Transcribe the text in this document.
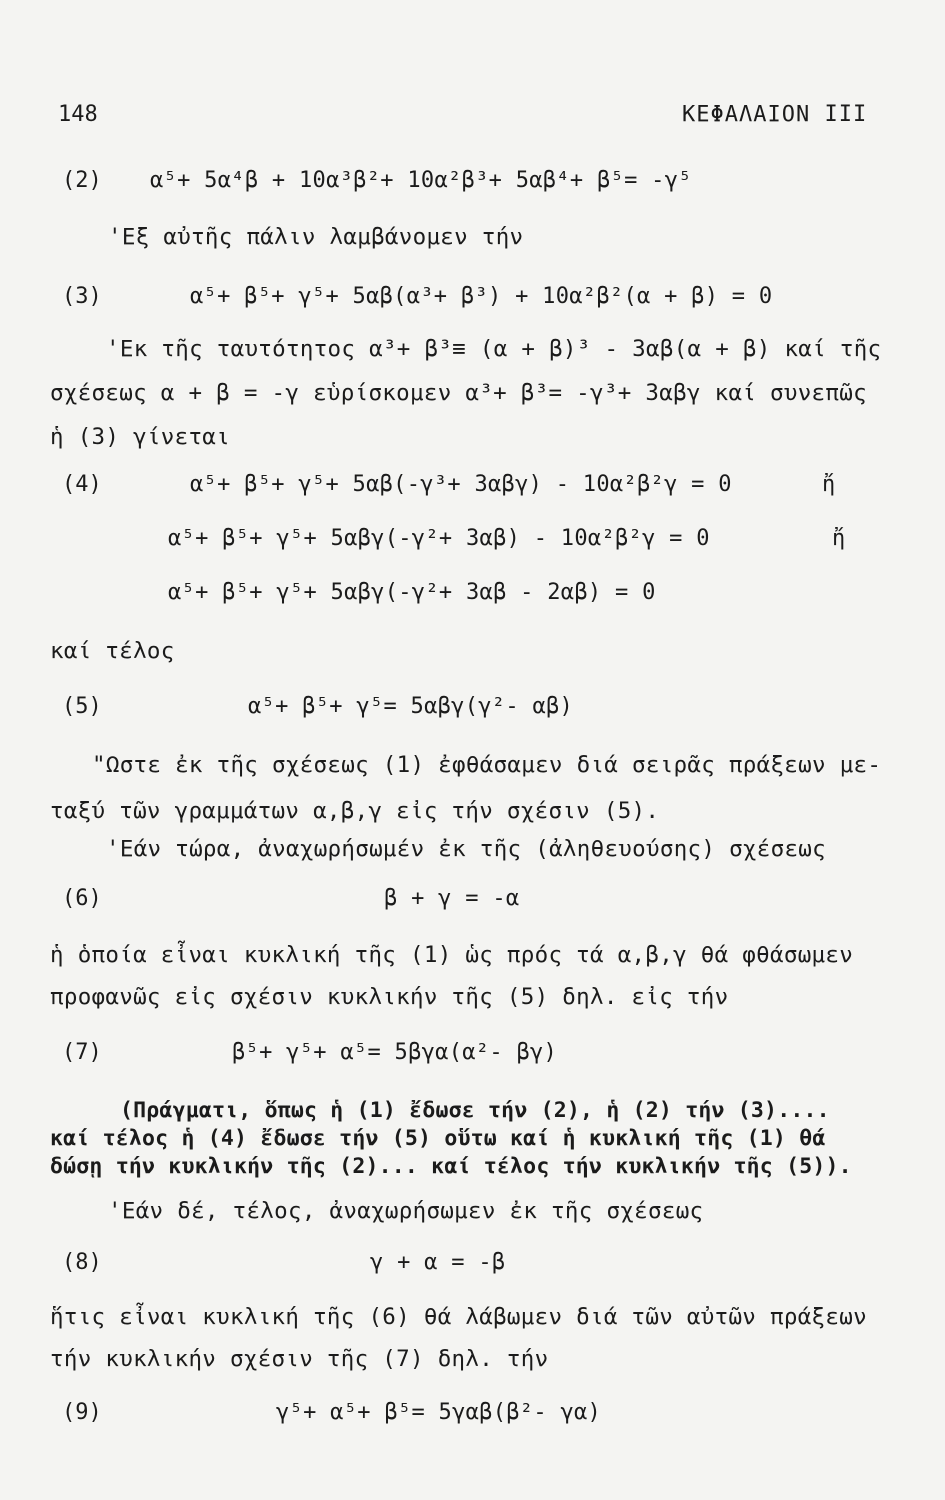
148	ΚΕΦΑΛΑΙΟΝ III
(2) α⁵+ 5α⁴β + 10α³β²+ 10α²β³+ 5αβ⁴+ β⁵= -γ⁵
'Εξ αὐτῆς πάλιν λαμβάνομεν τήν
(3)	α⁵+ β⁵+ γ⁵+ 5αβ(α³+ β³) + 10α²β²(α + β) = 0
'Εκ τῆς ταυτότητος α³+ β³≡ (α + β)³ - 3αβ(α + β) καί τῆς
σχέσεως α + β = -γ εὑρίσκομεν α³+ β³= -γ³+ 3αβγ καί συνεπῶς
ἡ (3) γίνεται
(4)	α⁵+ β⁵+ γ⁵+ 5αβ(-γ³+ 3αβγ) - 10α²β²γ = 0	ἤ
α⁵+ β⁵+ γ⁵+ 5αβγ(-γ²+ 3αβ) - 10α²β²γ = 0	ἤ
α⁵+ β⁵+ γ⁵+ 5αβγ(-γ²+ 3αβ - 2αβ) = 0
καί τέλος
(5)	α⁵+ β⁵+ γ⁵= 5αβγ(γ²- αβ)
"Ωστε ἐκ τῆς σχέσεως (1) ἐφθάσαμεν διά σειρᾶς πράξεων με-
ταξύ τῶν γραμμάτων α,β,γ εἰς τήν σχέσιν (5).
'Εάν τώρα, ἀναχωρήσωμέν ἐκ τῆς (ἀληθευούσης) σχέσεως
(6)	β + γ = -α
ἡ ὁποία εἶναι κυκλική τῆς (1) ὡς πρός τά α,β,γ θά φθάσωμεν
προφανῶς εἰς σχέσιν κυκλικήν τῆς (5) δηλ. εἰς τήν
(7)	β⁵+ γ⁵+ α⁵= 5βγα(α²- βγ)
(Πράγματι, ὅπως ἡ (1) ἔδωσε τήν (2), ἡ (2) τήν (3)....
καί τέλος ἡ (4) ἔδωσε τήν (5) οὕτω καί ἡ κυκλική τῆς (1) θά
δώσῃ τήν κυκλικήν τῆς (2)... καί τέλος τήν κυκλικήν τῆς (5)).
'Εάν δέ, τέλος, ἀναχωρήσωμεν ἐκ τῆς σχέσεως
(8)	γ + α = -β
ἥτις εἶναι κυκλική τῆς (6) θά λάβωμεν διά τῶν αὐτῶν πράξεων
τήν κυκλικήν σχέσιν τῆς (7) δηλ. τήν
(9)	γ⁵+ α⁵+ β⁵= 5γαβ(β²- γα)
